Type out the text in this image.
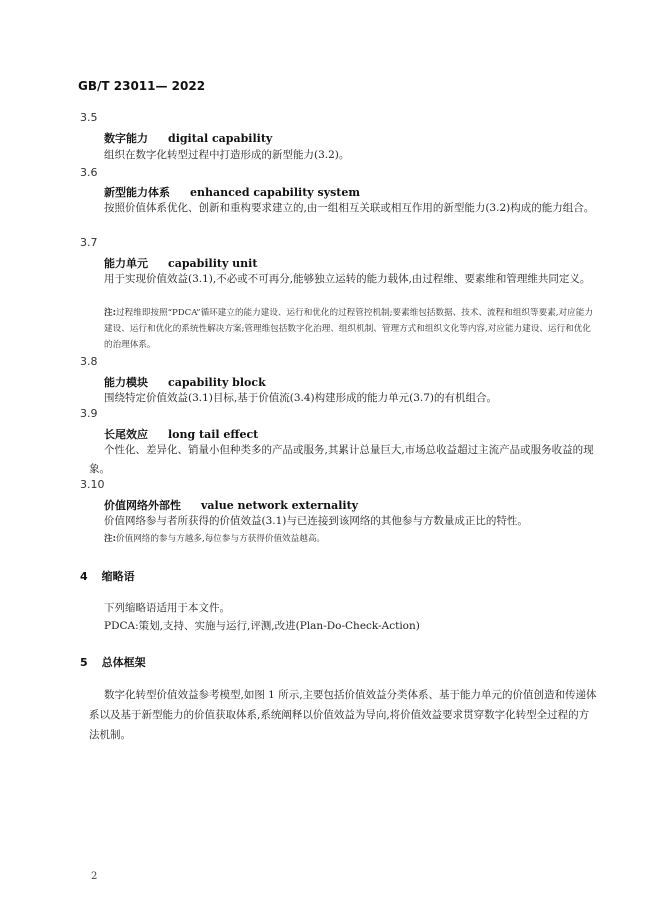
GB/T 23011— 2022
3.5
数字能力 digital capability
组织在数字化转型过程中打造形成的新型能力(3.2)。
3.6
新型能力体系 enhanced capability system
按照价值体系优化、创新和重构要求建立的,由一组相互关联或相互作用的新型能力(3.2)构成的能力组合。
3.7
能力单元 capability unit
用于实现价值效益(3.1),不必或不可再分,能够独立运转的能力载体,由过程维、要素维和管理维共同定义。
注:过程维即按照“PDCA”循环建立的能力建设、运行和优化的过程管控机制;要素维包括数据、技术、流程和组织等要素,对应能力建设、运行和优化的系统性解决方案;管理维包括数字化治理、组织机制、管理方式和组织文化等内容,对应能力建设、运行和优化的治理体系。
3.8
能力模块 capability block
围绕特定价值效益(3.1)目标,基于价值流(3.4)构建形成的能力单元(3.7)的有机组合。
3.9
长尾效应 long tail effect
个性化、差异化、销量小但种类多的产品或服务,其累计总量巨大,市场总收益超过主流产品或服务收益的现象。
3.10
价值网络外部性 value network externality
价值网络参与者所获得的价值效益(3.1)与已连接到该网络的其他参与方数量成正比的特性。
注:价值网络的参与方越多,每位参与方获得价值效益越高。
4 缩略语
下列缩略语适用于本文件。
PDCA:策划,支持、实施与运行,评测,改进(Plan-Do-Check-Action)
5 总体框架
数字化转型价值效益参考模型,如图 1 所示,主要包括价值效益分类体系、基于能力单元的价值创造和传递体系以及基于新型能力的价值获取体系,系统阐释以价值效益为导向,将价值效益要求贯穿数字化转型全过程的方法机制。
2
